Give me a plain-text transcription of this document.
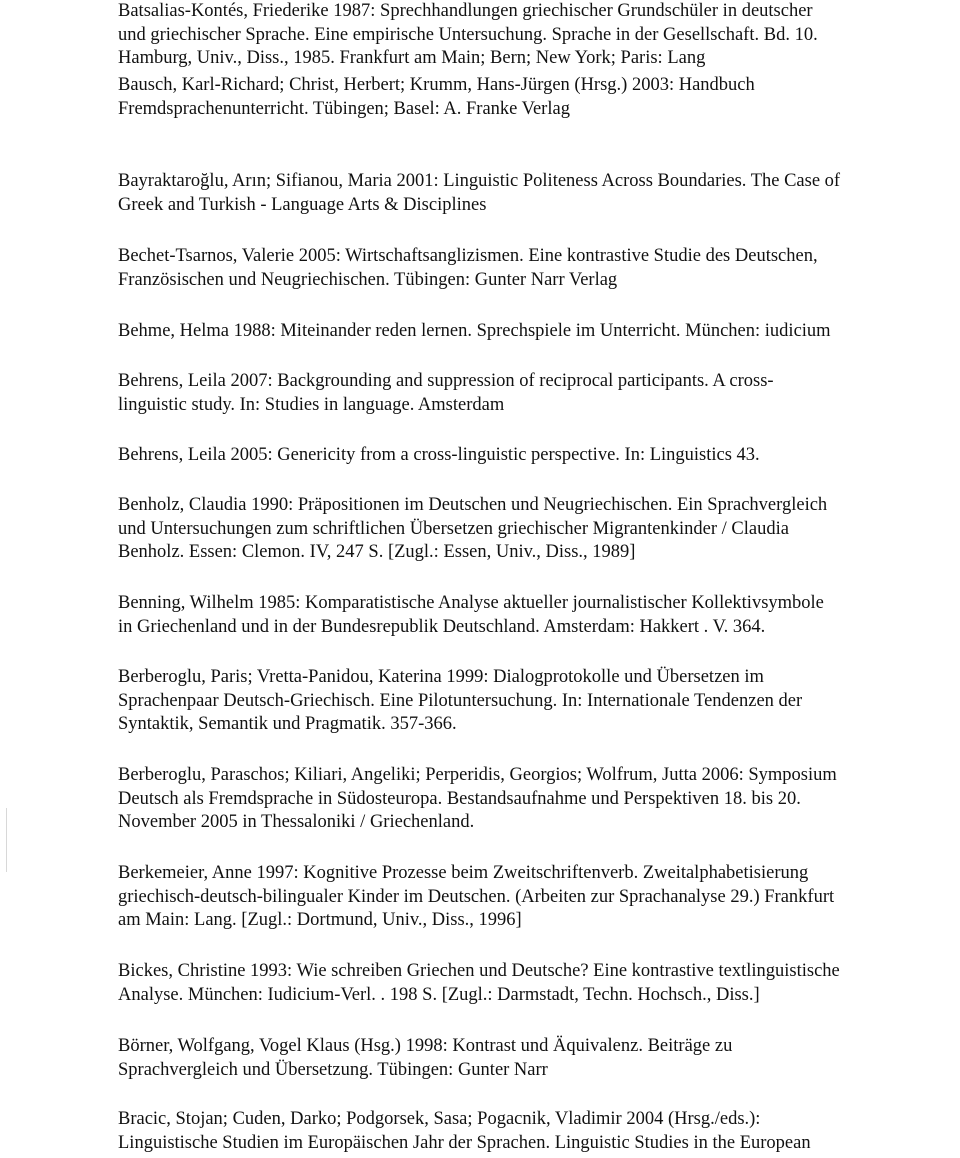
Batsalias-Kontés, Friederike 1987: Sprechhandlungen griechischer Grundschüler in deutscher
und griechischer Sprache. Eine empirische Untersuchung. Sprache in der Gesellschaft. Bd. 10.
Hamburg, Univ., Diss., 1985. Frankfurt am Main; Bern; New York; Paris: Lang
Bausch, Karl-Richard; Christ, Herbert; Krumm, Hans-Jürgen (Hrsg.) 2003: Handbuch
Fremdsprachenunterricht. Tübingen; Basel: A. Franke Verlag
Bayraktaroğlu, Arın; Sifianou, Maria 2001: Linguistic Politeness Across Boundaries. The Case of
Greek and Turkish - Language Arts & Disciplines
Bechet-Tsarnos, Valerie 2005: Wirtschaftsanglizismen. Eine kontrastive Studie des Deutschen,
Französischen und Neugriechischen. Tübingen: Gunter Narr Verlag
Behme, Helma 1988: Miteinander reden lernen. Sprechspiele im Unterricht. München: iudicium
Behrens, Leila 2007: Backgrounding and suppression of reciprocal participants. A cross-
linguistic study. In: Studies in language. Amsterdam
Behrens, Leila 2005: Genericity from a cross-linguistic perspective. In: Linguistics 43.
Benholz, Claudia 1990: Präpositionen im Deutschen und Neugriechischen. Ein Sprachvergleich
und Untersuchungen zum schriftlichen Übersetzen griechischer Migrantenkinder / Claudia
Benholz. Essen: Clemon. IV, 247 S. [Zugl.: Essen, Univ., Diss., 1989]
Benning, Wilhelm 1985: Komparatistische Analyse aktueller journalistischer Kollektivsymbole
in Griechenland und in der Bundesrepublik Deutschland. Amsterdam: Hakkert . V. 364.
Berberoglu, Paris; Vretta-Panidou, Katerina 1999: Dialogprotokolle und Übersetzen im
Sprachenpaar Deutsch-Griechisch. Eine Pilotuntersuchung. In: Internationale Tendenzen der
Syntaktik, Semantik und Pragmatik. 357-366.
Berberoglu, Paraschos; Kiliari, Angeliki; Perperidis, Georgios; Wolfrum, Jutta 2006: Symposium
Deutsch als Fremdsprache in Südosteuropa. Bestandsaufnahme und Perspektiven 18. bis 20.
November 2005 in Thessaloniki / Griechenland.
Berkemeier, Anne 1997: Kognitive Prozesse beim Zweitschriftenverb. Zweitalphabetisierung
griechisch-deutsch-bilingualer Kinder im Deutschen. (Arbeiten zur Sprachanalyse 29.) Frankfurt
am Main: Lang. [Zugl.: Dortmund, Univ., Diss., 1996]
Bickes, Christine 1993: Wie schreiben Griechen und Deutsche? Eine kontrastive textlinguistische
Analyse. München: Iudicium-Verl. . 198 S. [Zugl.: Darmstadt, Techn. Hochsch., Diss.]
Börner, Wolfgang, Vogel Klaus (Hsg.) 1998: Kontrast und Äquivalenz. Beiträge zu
Sprachvergleich und Übersetzung. Tübingen: Gunter Narr
Bracic, Stojan; Cuden, Darko; Podgorsek, Sasa; Pogacnik, Vladimir 2004 (Hrsg./eds.):
Linguistische Studien im Europäischen Jahr der Sprachen. Linguistic Studies in the European
